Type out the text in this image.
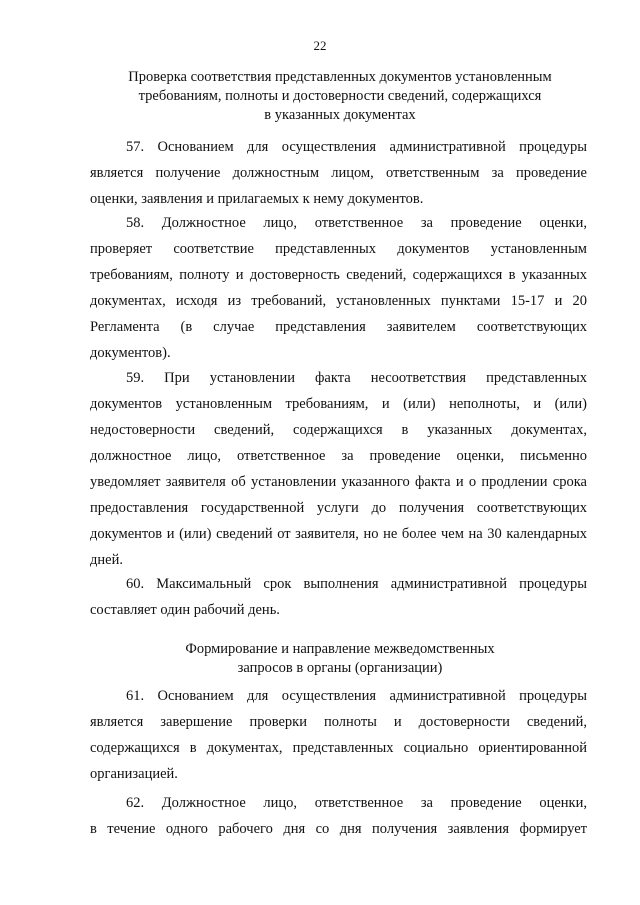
22
Проверка соответствия представленных документов установленным
требованиям, полноты и достоверности сведений, содержащихся
в указанных документах
57. Основанием для осуществления административной процедуры
является получение должностным лицом, ответственным за проведение
оценки, заявления и прилагаемых к нему документов.
58. Должностное лицо, ответственное за проведение оценки,
проверяет соответствие представленных документов установленным
требованиям, полноту и достоверность сведений, содержащихся в указанных
документах, исходя из требований, установленных пунктами 15-17 и 20
Регламента (в случае представления заявителем соответствующих
документов).
59. При установлении факта несоответствия представленных
документов установленным требованиям, и (или) неполноты, и (или)
недостоверности сведений, содержащихся в указанных документах,
должностное лицо, ответственное за проведение оценки, письменно
уведомляет заявителя об установлении указанного факта и о продлении срока
предоставления государственной услуги до получения соответствующих
документов и (или) сведений от заявителя, но не более чем на 30 календарных
дней.
60. Максимальный срок выполнения административной процедуры
составляет один рабочий день.
Формирование и направление межведомственных
запросов в органы (организации)
61. Основанием для осуществления административной процедуры
является завершение проверки полноты и достоверности сведений,
содержащихся в документах, представленных социально ориентированной
организацией.
62. Должностное лицо, ответственное за проведение оценки,
в течение одного рабочего дня со дня получения заявления формирует
